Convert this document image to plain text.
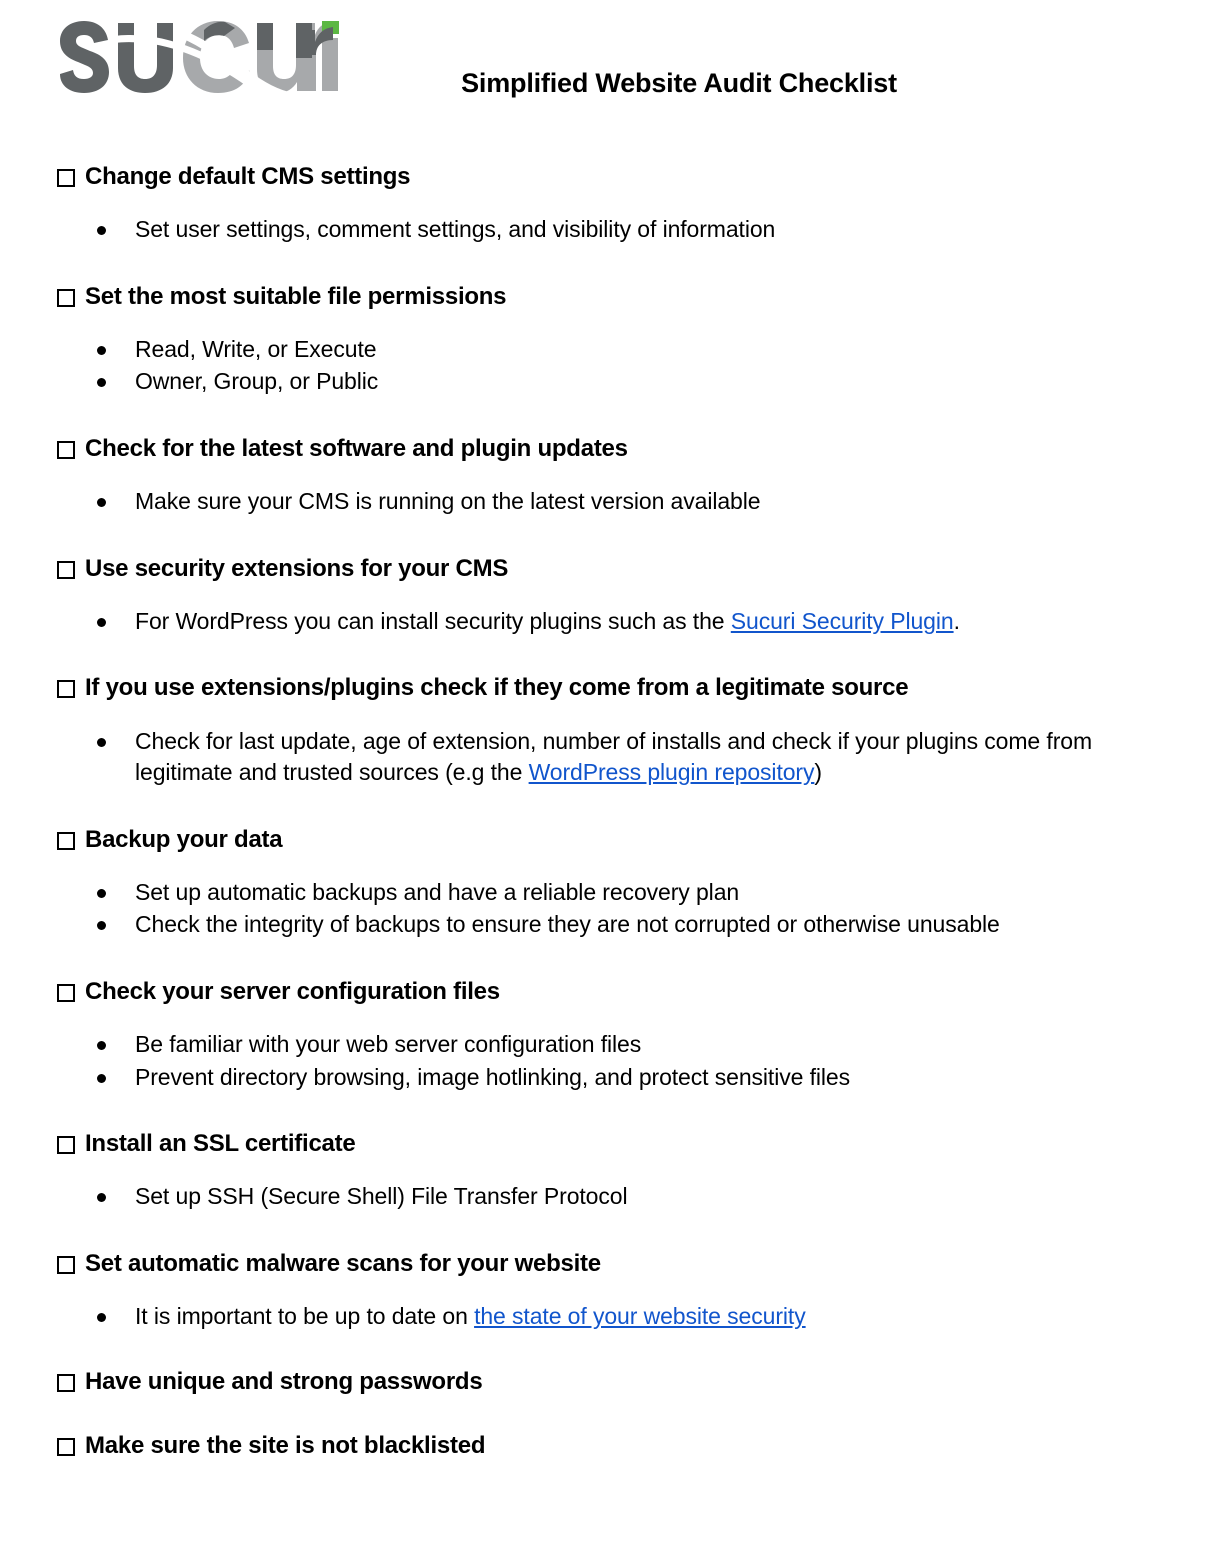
Simplified Website Audit Checklist
Change default CMS settings
Set user settings, comment settings, and visibility of information
Set the most suitable file permissions
Read, Write, or Execute
Owner, Group, or Public
Check for the latest software and plugin updates
Make sure your CMS is running on the latest version available
Use security extensions for your CMS
For WordPress you can install security plugins such as the Sucuri Security Plugin.
If you use extensions/plugins check if they come from a legitimate source
Check for last update, age of extension, number of installs and check if your plugins come from legitimate and trusted sources (e.g the WordPress plugin repository)
Backup your data
Set up automatic backups and have a reliable recovery plan
Check the integrity of backups to ensure they are not corrupted or otherwise unusable
Check your server configuration files
Be familiar with your web server configuration files
Prevent directory browsing, image hotlinking, and protect sensitive files
Install an SSL certificate
Set up SSH (Secure Shell) File Transfer Protocol
Set automatic malware scans for your website
It is important to be up to date on the state of your website security
Have unique and strong passwords
Make sure the site is not blacklisted
